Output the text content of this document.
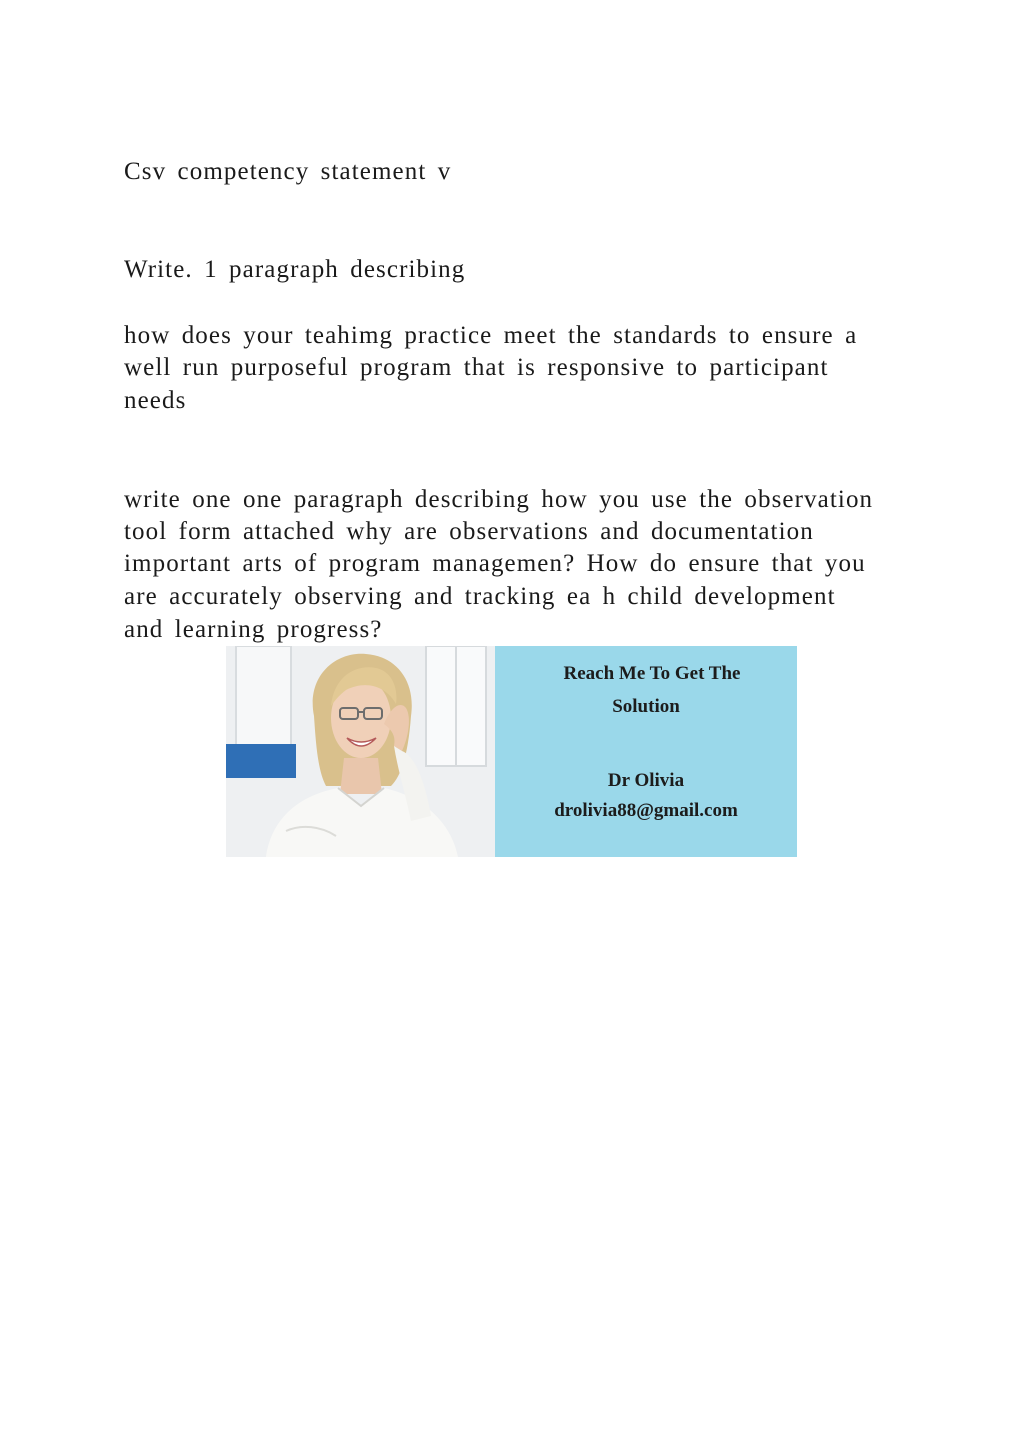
Csv competency statement v

Write. 1 paragraph describing

how does your teahimg practice meet the standards to ensure a

well run purposeful program that is responsive to participant

needs

write one one paragraph describing how you use the observation

tool form attached why are observations and documentation

important arts of program managemen? How do ensure that you

are accurately observing and tracking ea h child development

and learning progress?

Reach Me To Get The
Solution
Dr Olivia
drolivia88@gmail.com
